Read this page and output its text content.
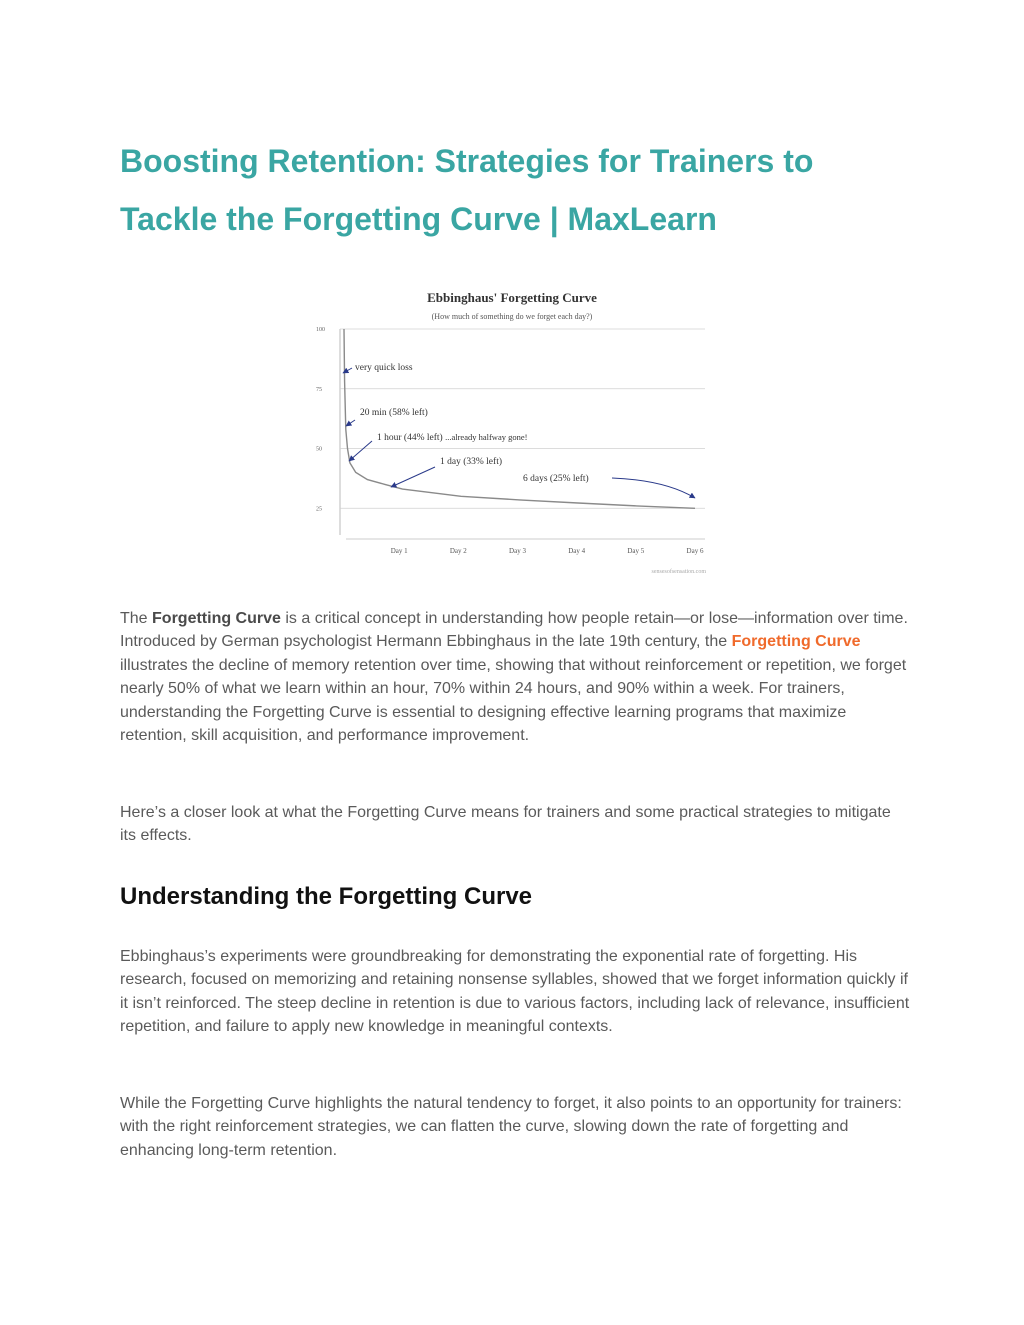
Boosting Retention: Strategies for Trainers to Tackle the Forgetting Curve | MaxLearn
Ebbinghaus' Forgetting Curve
(How much of something do we forget each day?)
100
75
50
25
Day 1	Day 2	Day 3	Day 4	Day 5	Day 6
very quick loss
20 min (58% left)
1 hour (44% left) ...already halfway gone!
1 day (33% left)
6 days (25% left)
sensesofsensation.com

The Forgetting Curve is a critical concept in understanding how people retain—or lose—information over time. Introduced by German psychologist Hermann Ebbinghaus in the late 19th century, the Forgetting Curve illustrates the decline of memory retention over time, showing that without reinforcement or repetition, we forget nearly 50% of what we learn within an hour, 70% within 24 hours, and 90% within a week. For trainers, understanding the Forgetting Curve is essential to designing effective learning programs that maximize retention, skill acquisition, and performance improvement.

Here’s a closer look at what the Forgetting Curve means for trainers and some practical strategies to mitigate its effects.

Understanding the Forgetting Curve

Ebbinghaus’s experiments were groundbreaking for demonstrating the exponential rate of forgetting. His research, focused on memorizing and retaining nonsense syllables, showed that we forget information quickly if it isn’t reinforced. The steep decline in retention is due to various factors, including lack of relevance, insufficient repetition, and failure to apply new knowledge in meaningful contexts.

While the Forgetting Curve highlights the natural tendency to forget, it also points to an opportunity for trainers: with the right reinforcement strategies, we can flatten the curve, slowing down the rate of forgetting and enhancing long-term retention.
